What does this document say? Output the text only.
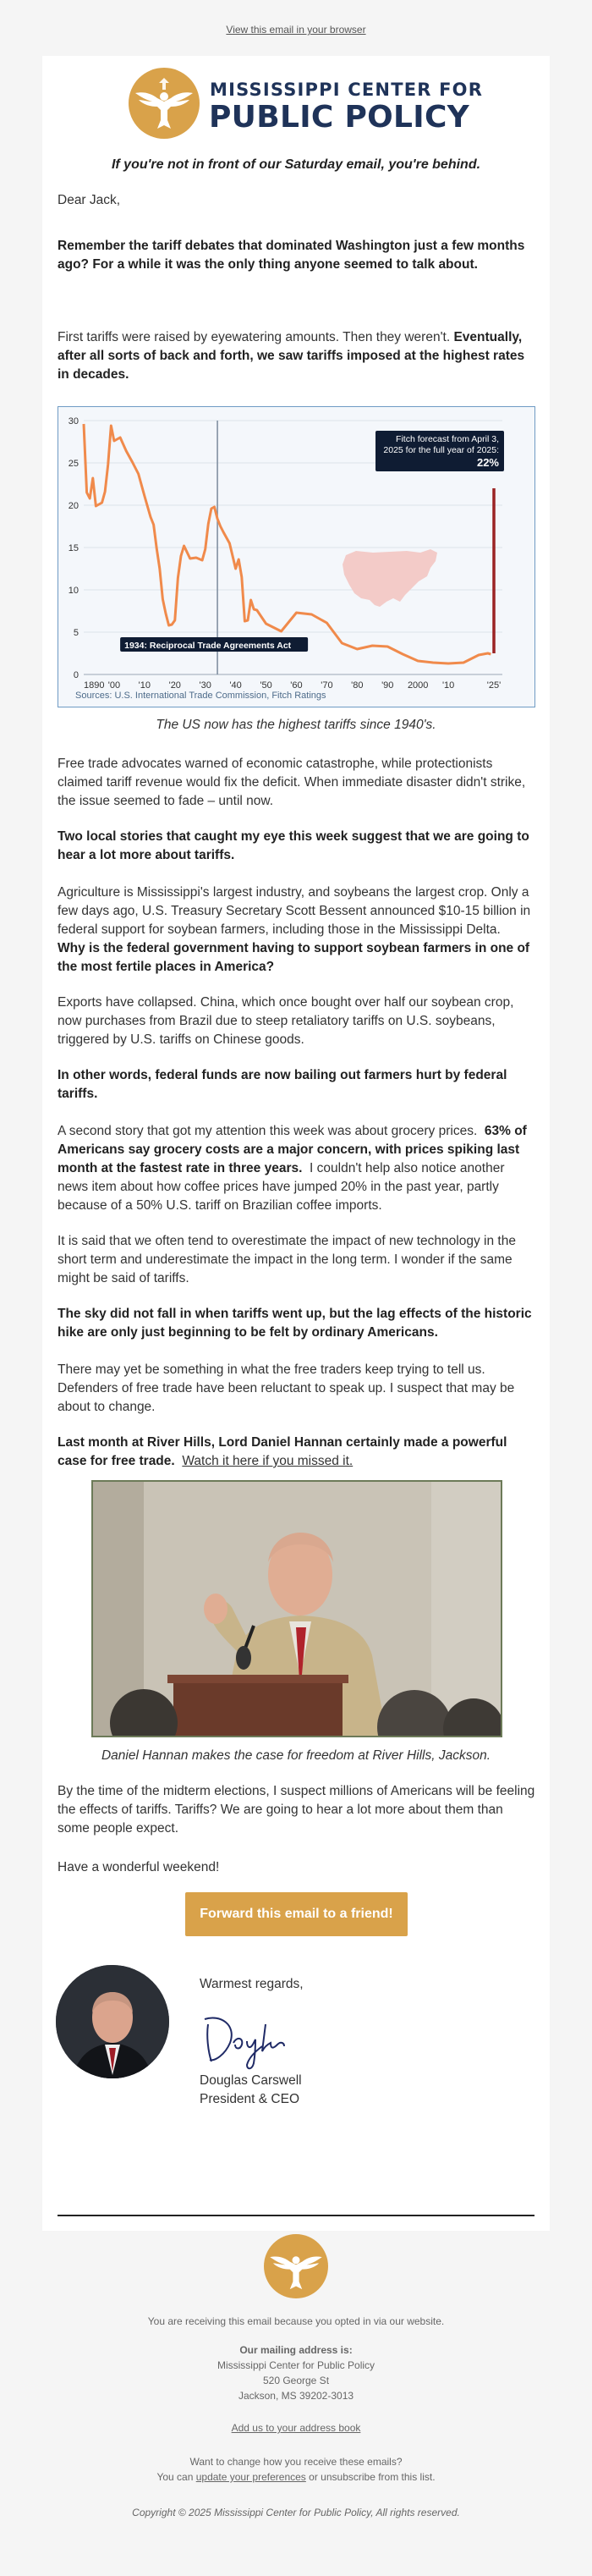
View this email in your browser
MISSISSIPPI CENTER FOR
PUBLIC POLICY
If you're not in front of our Saturday email, you're behind.
Dear Jack,
Remember the tariff debates that dominated Washington just a few months ago? For a while it was the only thing anyone seemed to talk about.
First tariffs were raised by eyewatering amounts. Then they weren't. Eventually, after all sorts of back and forth, we saw tariffs imposed at the highest rates in decades.
Fitch forecast from April 3,
2025 for the full year of 2025:
22%
1934: Reciprocal Trade Agreements Act
0
5
10
15
20
25
30
1890 '00 '10 '20 '30 '40 '50 '60 '70 '80 '90 2000 '10	'25'
Sources: U.S. International Trade Commission, Fitch Ratings
The US now has the highest tariffs since 1940's.
Free trade advocates warned of economic catastrophe, while protectionists claimed tariff revenue would fix the deficit. When immediate disaster didn't strike, the issue seemed to fade – until now.
Two local stories that caught my eye this week suggest that we are going to hear a lot more about tariffs.
Agriculture is Mississippi's largest industry, and soybeans the largest crop. Only a few days ago, U.S. Treasury Secretary Scott Bessent announced $10-15 billion in federal support for soybean farmers, including those in the Mississippi Delta.  Why is the federal government having to support soybean farmers in one of the most fertile places in America?
Exports have collapsed. China, which once bought over half our soybean crop, now purchases from Brazil due to steep retaliatory tariffs on U.S. soybeans, triggered by U.S. tariffs on Chinese goods.
In other words, federal funds are now bailing out farmers hurt by federal tariffs.
A second story that got my attention this week was about grocery prices. 63% of Americans say grocery costs are a major concern, with prices spiking last month at the fastest rate in three years. I couldn't help also notice another news item about how coffee prices have jumped 20% in the past year, partly because of a 50% U.S. tariff on Brazilian coffee imports.
It is said that we often tend to overestimate the impact of new technology in the short term and underestimate the impact in the long term. I wonder if the same might be said of tariffs.
The sky did not fall in when tariffs went up, but the lag effects of the historic hike are only just beginning to be felt by ordinary Americans.
There may yet be something in what the free traders keep trying to tell us. Defenders of free trade have been reluctant to speak up. I suspect that may be about to change.
Last month at River Hills, Lord Daniel Hannan certainly made a powerful case for free trade. Watch it here if you missed it.
Daniel Hannan makes the case for freedom at River Hills, Jackson.
By the time of the midterm elections, I suspect millions of Americans will be feeling the effects of tariffs. Tariffs? We are going to hear a lot more about them than some people expect.
Have a wonderful weekend!
Forward this email to a friend!
Warmest regards,
Douglas Carswell
President & CEO
You are receiving this email because you opted in via our website.
Our mailing address is:
Mississippi Center for Public Policy
520 George St
Jackson, MS 39202-3013
Add us to your address book
Want to change how you receive these emails?
You can update your preferences or unsubscribe from this list.
Copyright © 2025 Mississippi Center for Public Policy, All rights reserved.
